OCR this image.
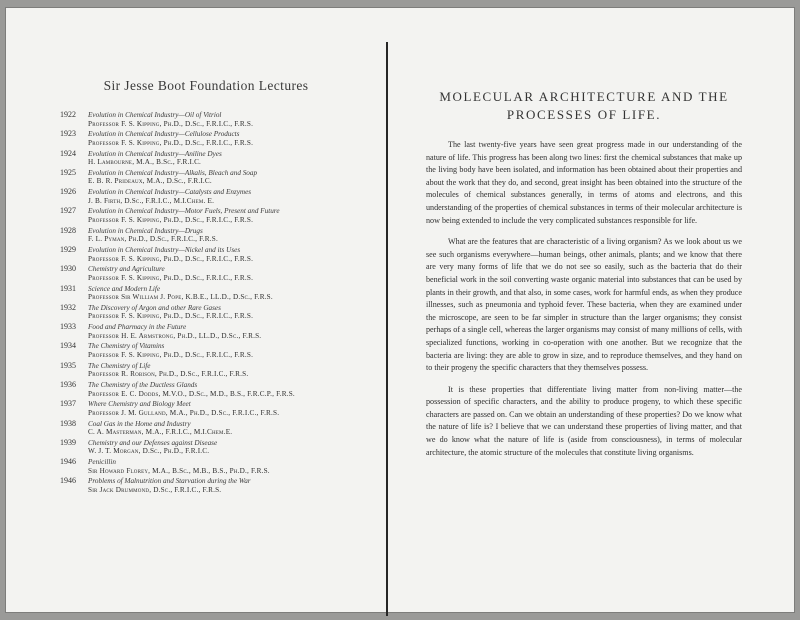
Sir Jesse Boot Foundation Lectures
1922	Evolution in Chemical Industry—Oil of Vitriol
Professor F. S. Kipping, Ph.D., D.Sc., F.R.I.C., F.R.S.
1923	Evolution in Chemical Industry—Cellulose Products
Professor F. S. Kipping, Ph.D., D.Sc., F.R.I.C., F.R.S.
1924	Evolution in Chemical Industry—Aniline Dyes
H. Lambourne, M.A., B.Sc., F.R.I.C.
1925	Evolution in Chemical Industry—Alkalis, Bleach and Soap
E. B. R. Prideaux, M.A., D.Sc., F.R.I.C.
1926	Evolution in Chemical Industry—Catalysts and Enzymes
J. B. Firth, D.Sc., F.R.I.C., M.I.Chem. E.
1927	Evolution in Chemical Industry—Motor Fuels, Present and Future
Professor F. S. Kipping, Ph.D., D.Sc., F.R.I.C., F.R.S.
1928	Evolution in Chemical Industry—Drugs
F. L. Pyman, Ph.D., D.Sc., F.R.I.C., F.R.S.
1929	Evolution in Chemical Industry—Nickel and its Uses
Professor F. S. Kipping, Ph.D., D.Sc., F.R.I.C., F.R.S.
1930	Chemistry and Agriculture
Professor F. S. Kipping, Ph.D., D.Sc., F.R.I.C., F.R.S.
1931	Science and Modern Life
Professor Sir William J. Pope, K.B.E., LL.D., D.Sc., F.R.S.
1932	The Discovery of Argon and other Rare Gases
Professor F. S. Kipping, Ph.D., D.Sc., F.R.I.C., F.R.S.
1933	Food and Pharmacy in the Future
Professor H. E. Armstrong, Ph.D., LL.D., D.Sc., F.R.S.
1934	The Chemistry of Vitamins
Professor F. S. Kipping, Ph.D., D.Sc., F.R.I.C., F.R.S.
1935	The Chemistry of Life
Professor R. Robison, Ph.D., D.Sc., F.R.I.C., F.R.S.
1936	The Chemistry of the Ductless Glands
Professor E. C. Dodds, M.V.O., D.Sc., M.D., B.S., F.R.C.P., F.R.S.
1937	Where Chemistry and Biology Meet
Professor J. M. Gulland, M.A., Ph.D., D.Sc., F.R.I.C., F.R.S.
1938	Coal Gas in the Home and Industry
C. A. Masterman, M.A., F.R.I.C., M.I.Chem.E.
1939	Chemistry and our Defenses against Disease
W. J. T. Morgan, D.Sc., Ph.D., F.R.I.C.
1946	Penicillin
Sir Howard Florey, M.A., B.Sc., M.B., B.S., Ph.D., F.R.S.
1946	Problems of Malnutrition and Starvation during the War
Sir Jack Drummond, D.Sc., F.R.I.C., F.R.S.
MOLECULAR ARCHITECTURE AND THE
PROCESSES OF LIFE.

The last twenty-five years have seen great progress made in our understanding of the nature of life. This progress has been along two lines: first the chemical substances that make up the living body have been isolated, and information has been obtained about their properties and about the work that they do, and second, great insight has been obtained into the structure of the molecules of chemical substances generally, in terms of atoms and electrons, and this understanding of the properties of chemical substances in terms of their molecular architecture is now being extended to include the very complicated substances responsible for life.

What are the features that are characteristic of a living organism? As we look about us we see such organisms everywhere—human beings, other animals, plants; and we know that there are very many forms of life that we do not see so easily, such as the bacteria that do their beneficial work in the soil converting waste organic material into substances that can be used by plants in their growth, and that also, in some cases, work for harmful ends, as when they produce illnesses, such as pneumonia and typhoid fever. These bacteria, when they are examined under the microscope, are seen to be far simpler in structure than the larger organisms; they consist perhaps of a single cell, whereas the larger organisms may consist of many millions of cells, with specialized functions, working in co-operation with one another. But we recognize that the bacteria are living: they are able to grow in size, and to reproduce themselves, and they hand on to their progeny the specific characters that they themselves possess.

It is these properties that differentiate living matter from non-living matter—the possession of specific characters, and the ability to produce progeny, to which these specific characters are passed on. Can we obtain an understanding of these properties? Do we know what the nature of life is? I believe that we can understand these properties of living matter, and that we do know what the nature of life is (aside from consciousness), in terms of molecular architecture, the atomic structure of the molecules that constitute living organisms.
